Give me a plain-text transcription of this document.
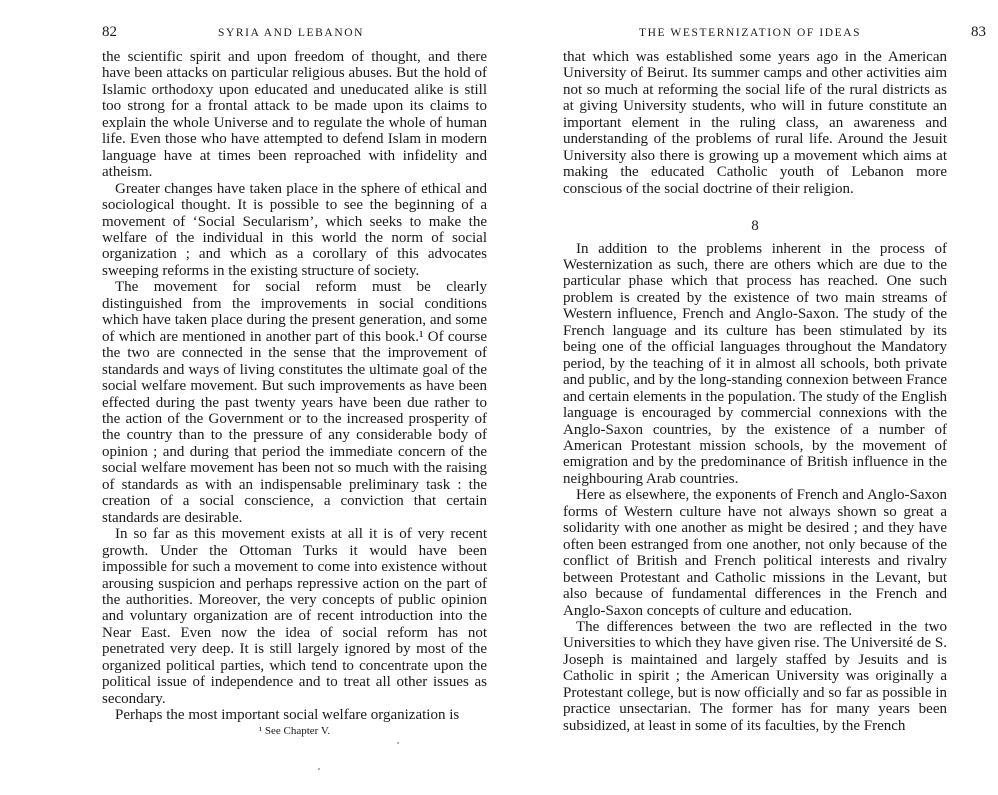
82	SYRIA AND LEBANON

the scientific spirit and upon freedom of thought, and there have been attacks on particular religious abuses. But the hold of Islamic orthodoxy upon educated and uneducated alike is still too strong for a frontal attack to be made upon its claims to explain the whole Universe and to regulate the whole of human life. Even those who have attempted to defend Islam in modern language have at times been reproached with infidelity and atheism.

Greater changes have taken place in the sphere of ethical and sociological thought. It is possible to see the beginning of a movement of ‘Social Secularism’, which seeks to make the welfare of the individual in this world the norm of social organization ; and which as a corollary of this advocates sweeping reforms in the existing structure of society.

The movement for social reform must be clearly distinguished from the improvements in social conditions which have taken place during the present generation, and some of which are mentioned in another part of this book.¹ Of course the two are connected in the sense that the improvement of standards and ways of living constitutes the ultimate goal of the social welfare movement. But such improvements as have been effected during the past twenty years have been due rather to the action of the Government or to the increased prosperity of the country than to the pressure of any considerable body of opinion ; and during that period the immediate concern of the social welfare movement has been not so much with the raising of standards as with an indispensable preliminary task : the creation of a social conscience, a conviction that certain standards are desirable.

In so far as this movement exists at all it is of very recent growth. Under the Ottoman Turks it would have been impossible for such a movement to come into existence without arousing suspicion and perhaps repressive action on the part of the authorities. Moreover, the very concepts of public opinion and voluntary organization are of recent introduction into the Near East. Even now the idea of social reform has not penetrated very deep. It is still largely ignored by most of the organized political parties, which tend to concentrate upon the political issue of independence and to treat all other issues as secondary.

Perhaps the most important social welfare organization is

¹ See Chapter V.
THE WESTERNIZATION OF IDEAS	83

that which was established some years ago in the American University of Beirut. Its summer camps and other activities aim not so much at reforming the social life of the rural districts as at giving University students, who will in future constitute an important element in the ruling class, an awareness and understanding of the problems of rural life. Around the Jesuit University also there is growing up a movement which aims at making the educated Catholic youth of Lebanon more conscious of the social doctrine of their religion.

8

In addition to the problems inherent in the process of Westernization as such, there are others which are due to the particular phase which that process has reached. One such problem is created by the existence of two main streams of Western influence, French and Anglo-Saxon. The study of the French language and its culture has been stimulated by its being one of the official languages throughout the Mandatory period, by the teaching of it in almost all schools, both private and public, and by the long-standing connexion between France and certain elements in the population. The study of the English language is encouraged by commercial connexions with the Anglo-Saxon countries, by the existence of a number of American Protestant mission schools, by the movement of emigration and by the predominance of British influence in the neighbouring Arab countries.

Here as elsewhere, the exponents of French and Anglo-Saxon forms of Western culture have not always shown so great a solidarity with one another as might be desired ; and they have often been estranged from one another, not only because of the conflict of British and French political interests and rivalry between Protestant and Catholic missions in the Levant, but also because of fundamental differences in the French and Anglo-Saxon concepts of culture and education.

The differences between the two are reflected in the two Universities to which they have given rise. The Université de S. Joseph is maintained and largely staffed by Jesuits and is Catholic in spirit ; the American University was originally a Protestant college, but is now officially and so far as possible in practice unsectarian. The former has for many years been subsidized, at least in some of its faculties, by the French
